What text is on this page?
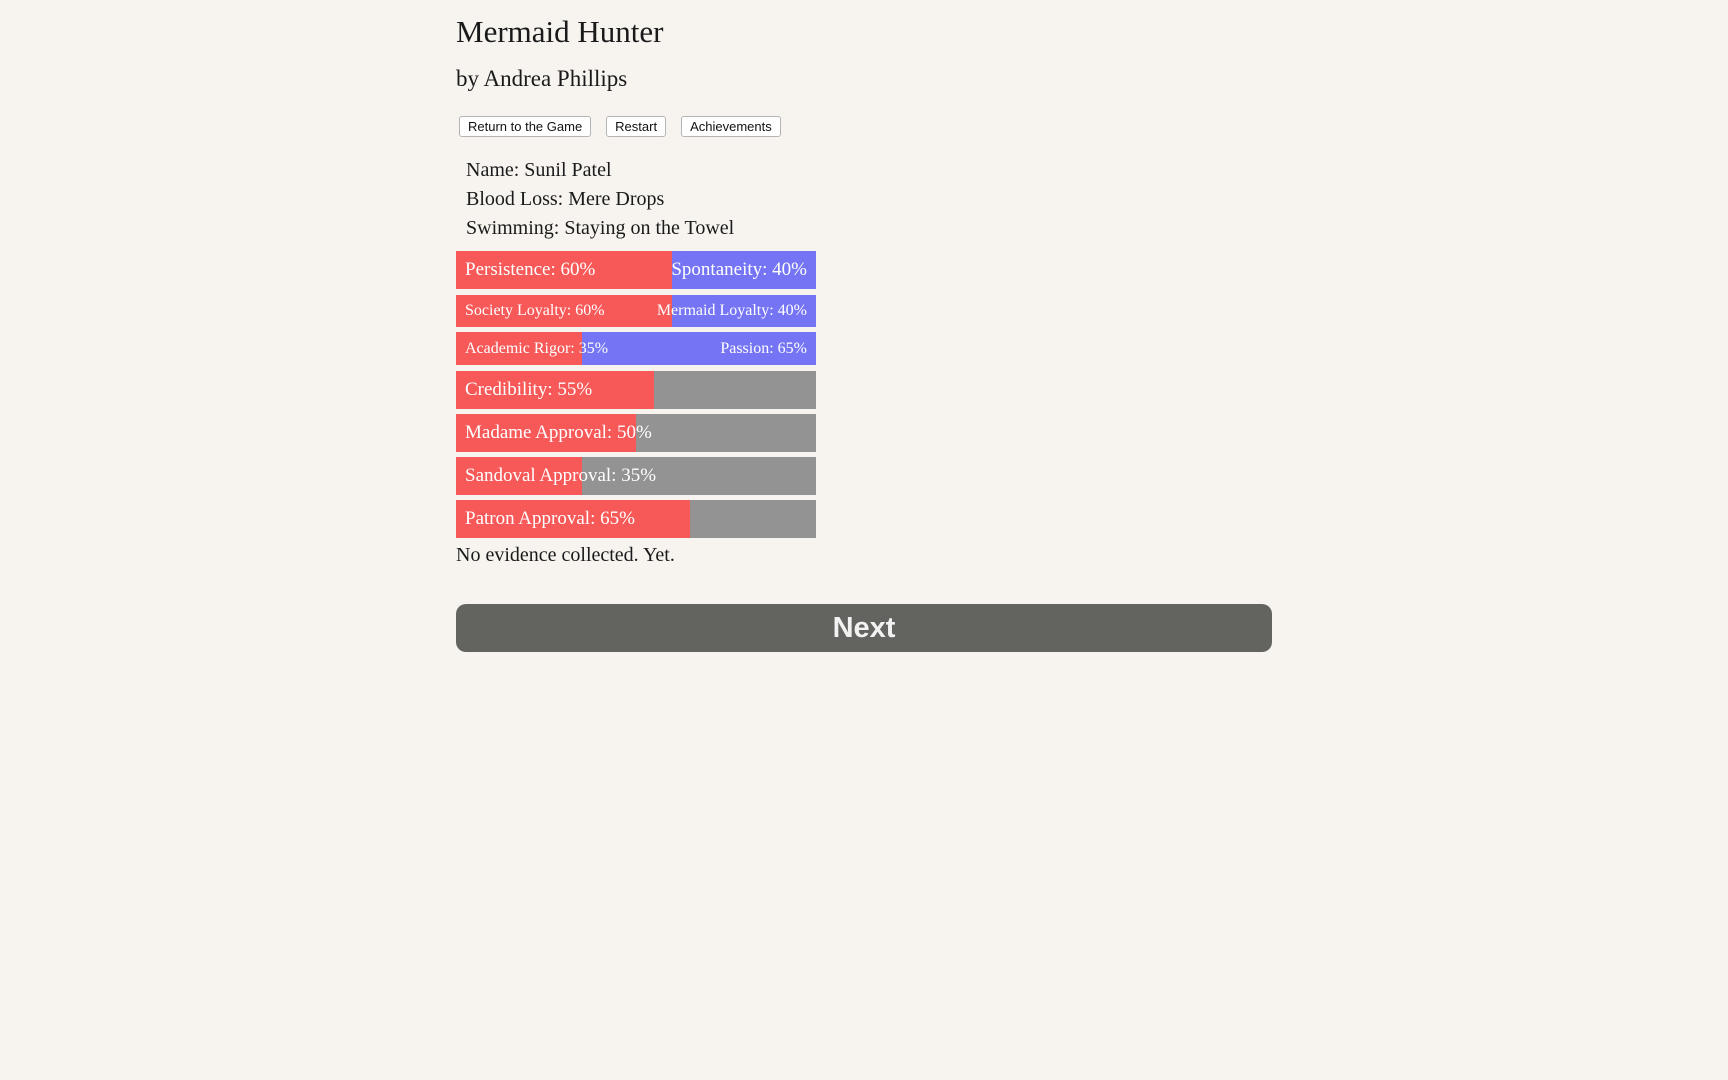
Mermaid Hunter
by Andrea Phillips
Return to the Game	Restart	Achievements
Name: Sunil Patel
Blood Loss: Mere Drops
Swimming: Staying on the Towel
Persistence: 60%	Spontaneity: 40%
Society Loyalty: 60%	Mermaid Loyalty: 40%
Academic Rigor: 35%	Passion: 65%
Credibility: 55%
Madame Approval: 50%
Sandoval Approval: 35%
Patron Approval: 65%
No evidence collected. Yet.
Next
